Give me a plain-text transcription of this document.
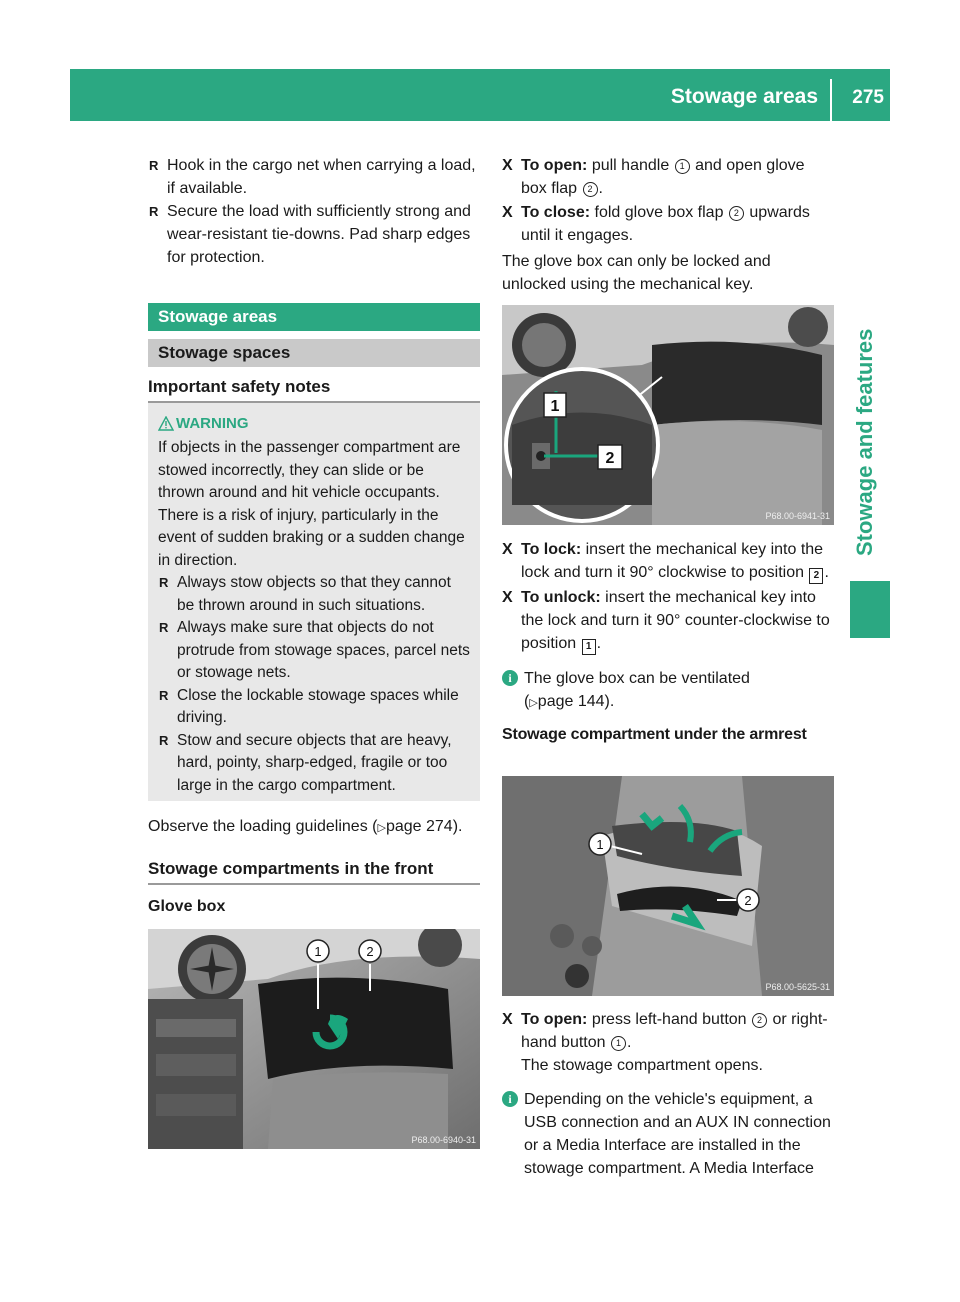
Stowage areas 275
Stowage and features
R Hook in the cargo net when carrying a load, if available.
R Secure the load with sufficiently strong and wear-resistant tie-downs. Pad sharp edges for protection.
Stowage areas
Stowage spaces
Important safety notes
WARNING
If objects in the passenger compartment are stowed incorrectly, they can slide or be thrown around and hit vehicle occupants. There is a risk of injury, particularly in the event of sudden braking or a sudden change in direction.
R Always stow objects so that they cannot be thrown around in such situations.
R Always make sure that objects do not protrude from stowage spaces, parcel nets or stowage nets.
R Close the lockable stowage spaces while driving.
R Stow and secure objects that are heavy, hard, pointy, sharp-edged, fragile or too large in the cargo compartment.
Observe the loading guidelines (▷page 274).
Stowage compartments in the front
Glove box
1	2
P68.00-6940-31
X To open: pull handle 1 and open glove box flap 2 .
X To close: fold glove box flap 2 upwards until it engages.
The glove box can only be locked and unlocked using the mechanical key.
1
2
P68.00-6941-31
X To lock: insert the mechanical key into the lock and turn it 90° clockwise to position 2 .
X To unlock: insert the mechanical key into the lock and turn it 90° counter-clockwise to position 1 .
i The glove box can be ventilated
(▷page 144).
Stowage compartment under the armrest
1
2
P68.00-5625-31
X To open: press left-hand button 2 or right-hand button 1 .
The stowage compartment opens.
i Depending on the vehicle's equipment, a USB connection and an AUX IN connection or a Media Interface are installed in the stowage compartment. A Media Interface
